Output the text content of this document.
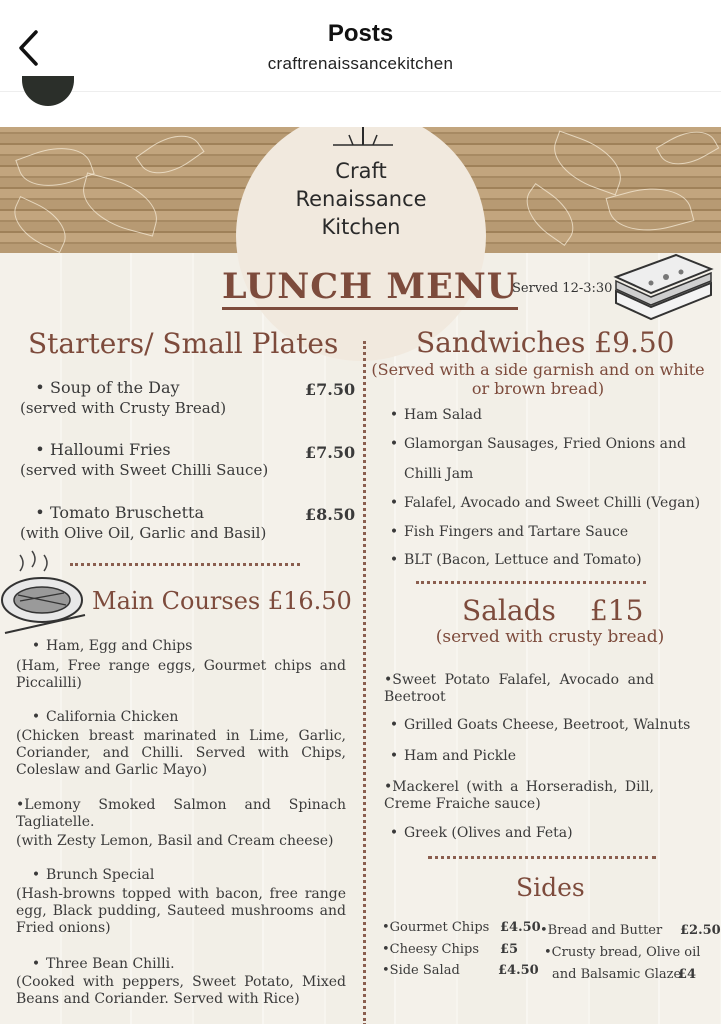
Posts
craftrenaissancekitchen
Craft
Renaissance
Kitchen
LUNCH MENU
Served 12-3:30
Starters/ Small Plates
• Soup of the Day	£7.50
(served with Crusty Bread)
• Halloumi Fries	£7.50
(served with Sweet Chilli Sauce)
• Tomato Bruschetta	£8.50
(with Olive Oil, Garlic and Basil)
Main Courses £16.50
• Ham, Egg and Chips
(Ham, Free range eggs, Gourmet chips and Piccalilli)
• California Chicken
(Chicken breast marinated in Lime, Garlic, Coriander, and Chilli. Served with Chips, Coleslaw and Garlic Mayo)
•Lemony Smoked Salmon and Spinach Tagliatelle.
(with Zesty Lemon, Basil and Cream cheese)
• Brunch Special
(Hash-browns topped with bacon, free range egg, Black pudding, Sauteed mushrooms and Fried onions)
• Three Bean Chilli.
(Cooked with peppers, Sweet Potato, Mixed Beans and Coriander. Served with Rice)
Sandwiches £9.50
(Served with a side garnish and on white or brown bread)
• Ham Salad
• Glamorgan Sausages, Fried Onions and
Chilli Jam
• Falafel, Avocado and Sweet Chilli (Vegan)
• Fish Fingers and Tartare Sauce
• BLT (Bacon, Lettuce and Tomato)
Salads £15
(served with crusty bread)
•Sweet Potato Falafel, Avocado and Beetroot
• Grilled Goats Cheese, Beetroot, Walnuts
• Ham and Pickle
•Mackerel (with a Horseradish, Dill, Creme Fraiche sauce)
• Greek (Olives and Feta)
Sides
•Gourmet Chips £4.50
•Cheesy Chips £5
•Side Salad	£4.50
•Bread and Butter £2.50
•Crusty bread, Olive oil
and Balsamic Glaze
£4
